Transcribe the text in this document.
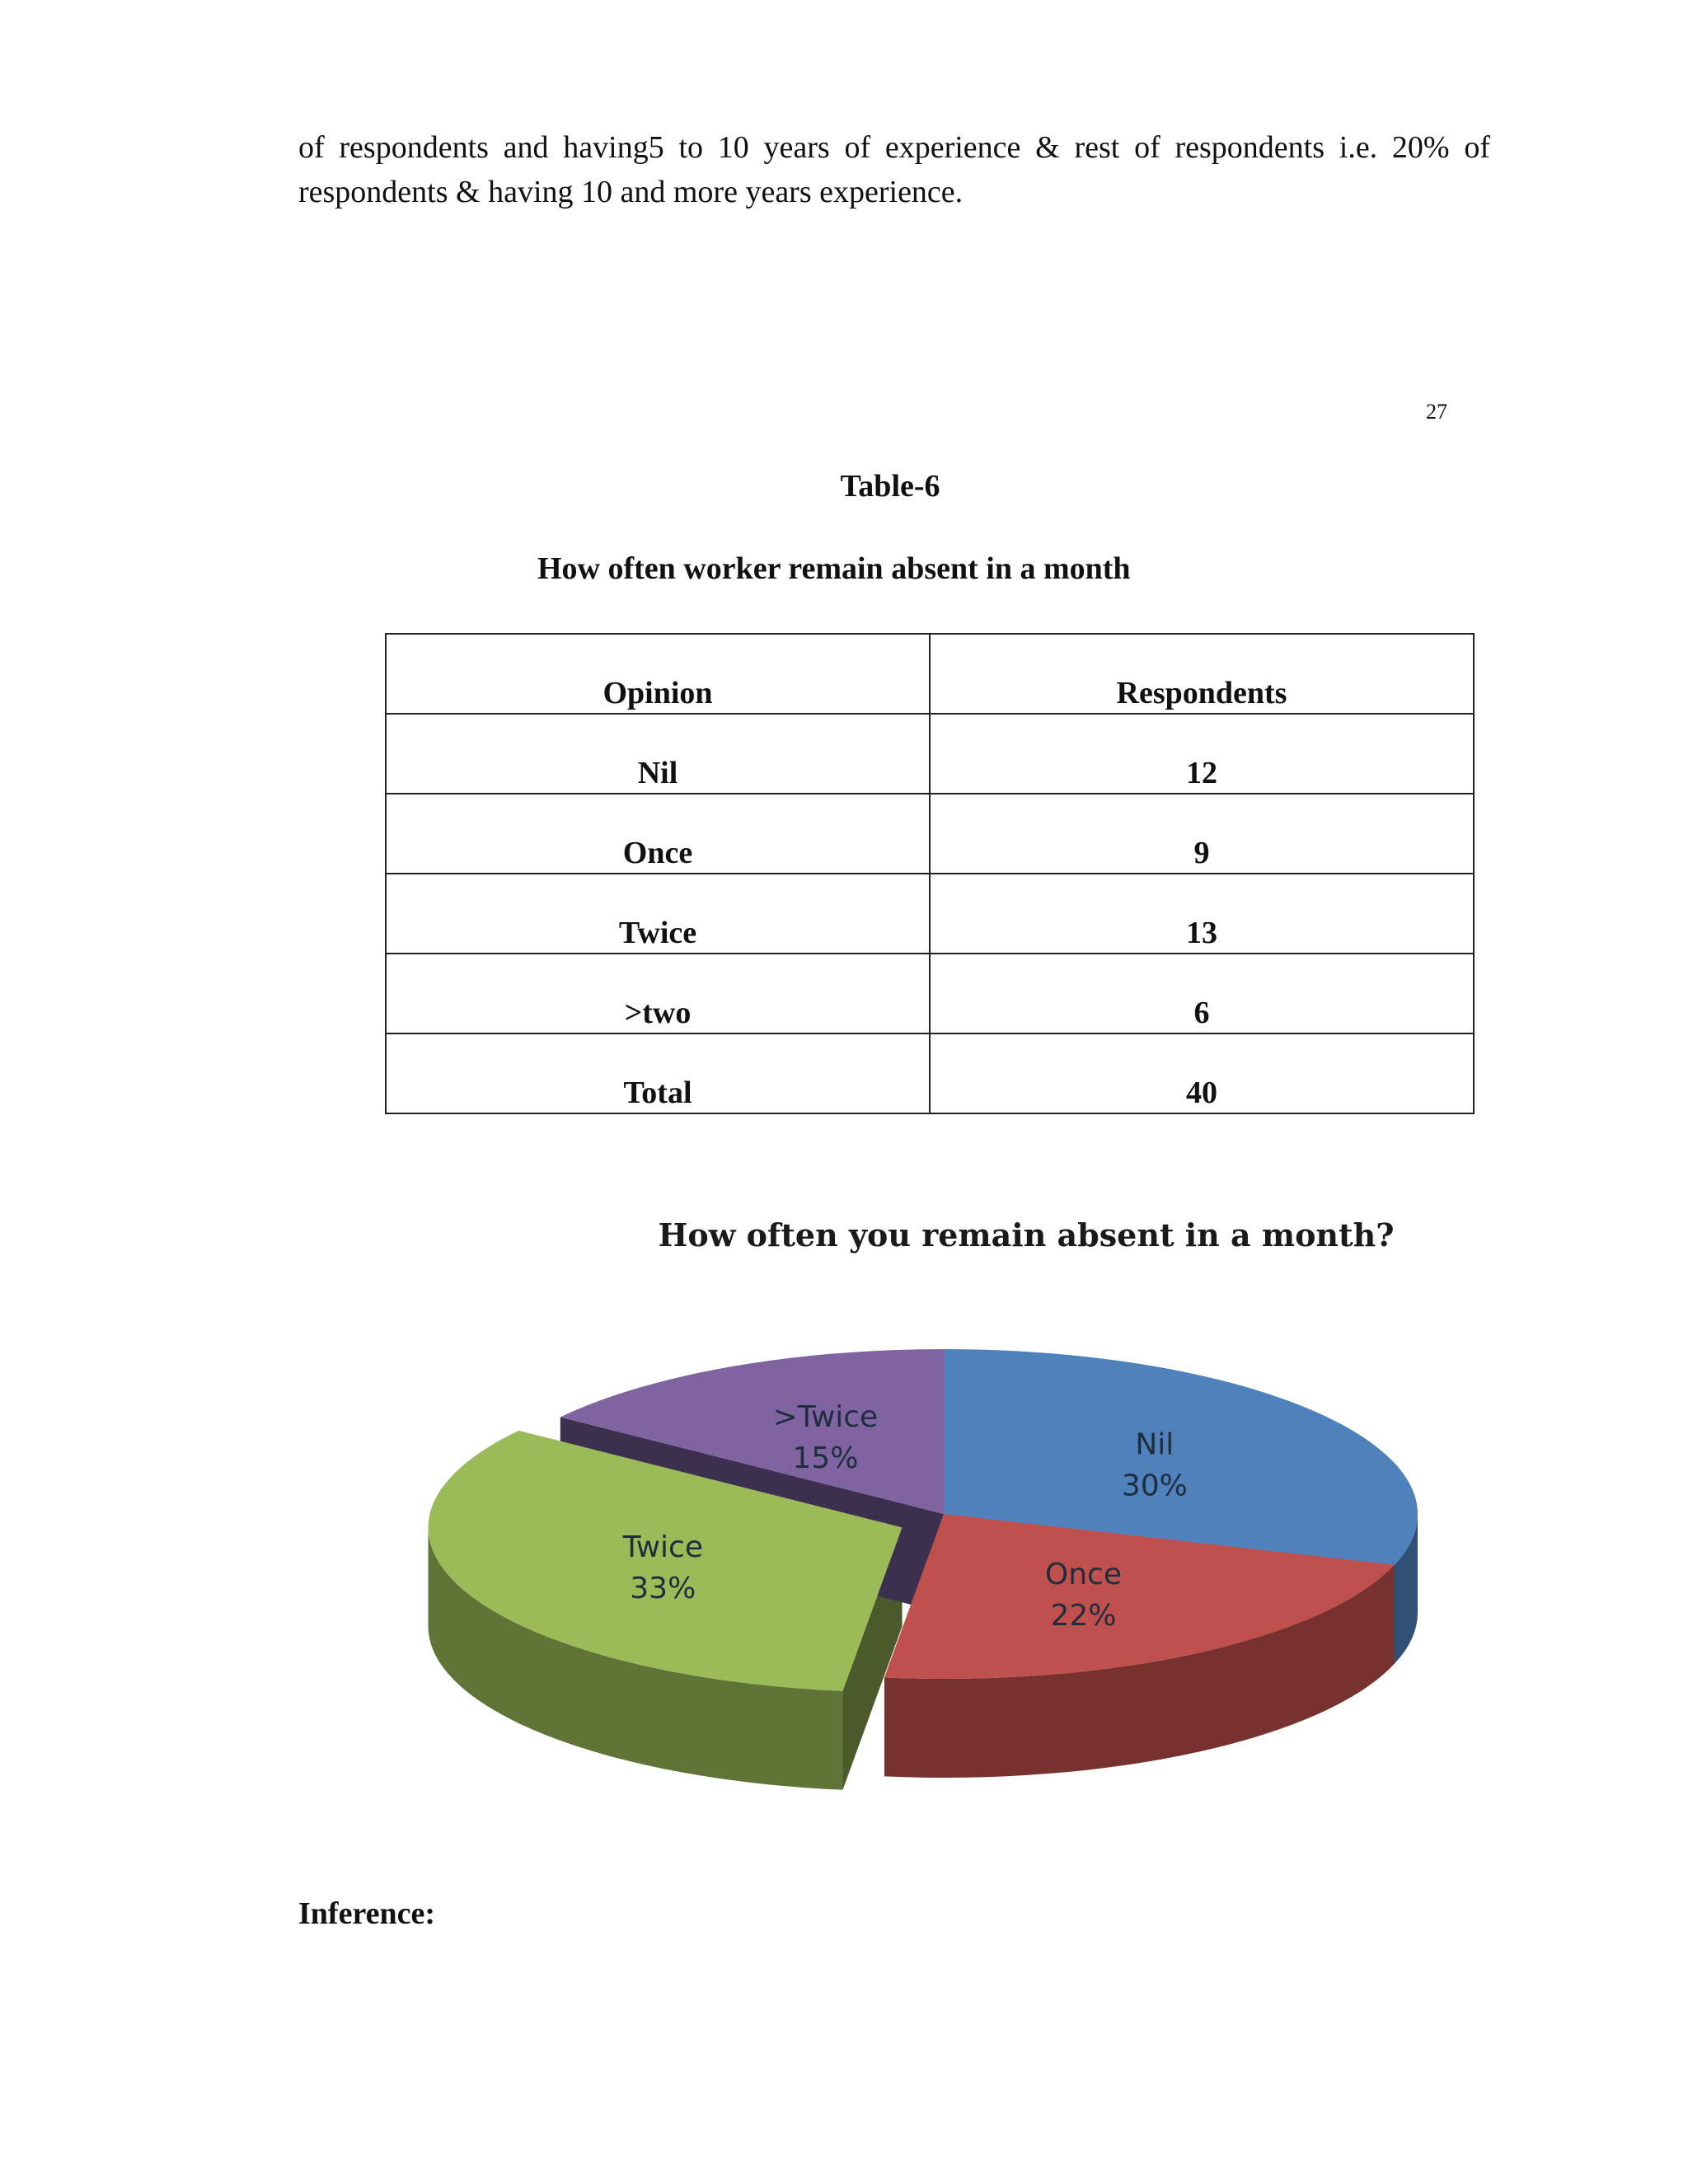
of respondents and having5 to 10 years of experience & rest of respondents i.e. 20% of
respondents & having 10 and more years experience.

27
Table-6
How often worker remain absent in a month
Opinion	Respondents
Nil	12
Once	9
Twice	13
>two	6
Total	40
How often you remain absent in a month?
Nil
30%
Once
22%
Twice
33%
>Twice
15%
Inference:
